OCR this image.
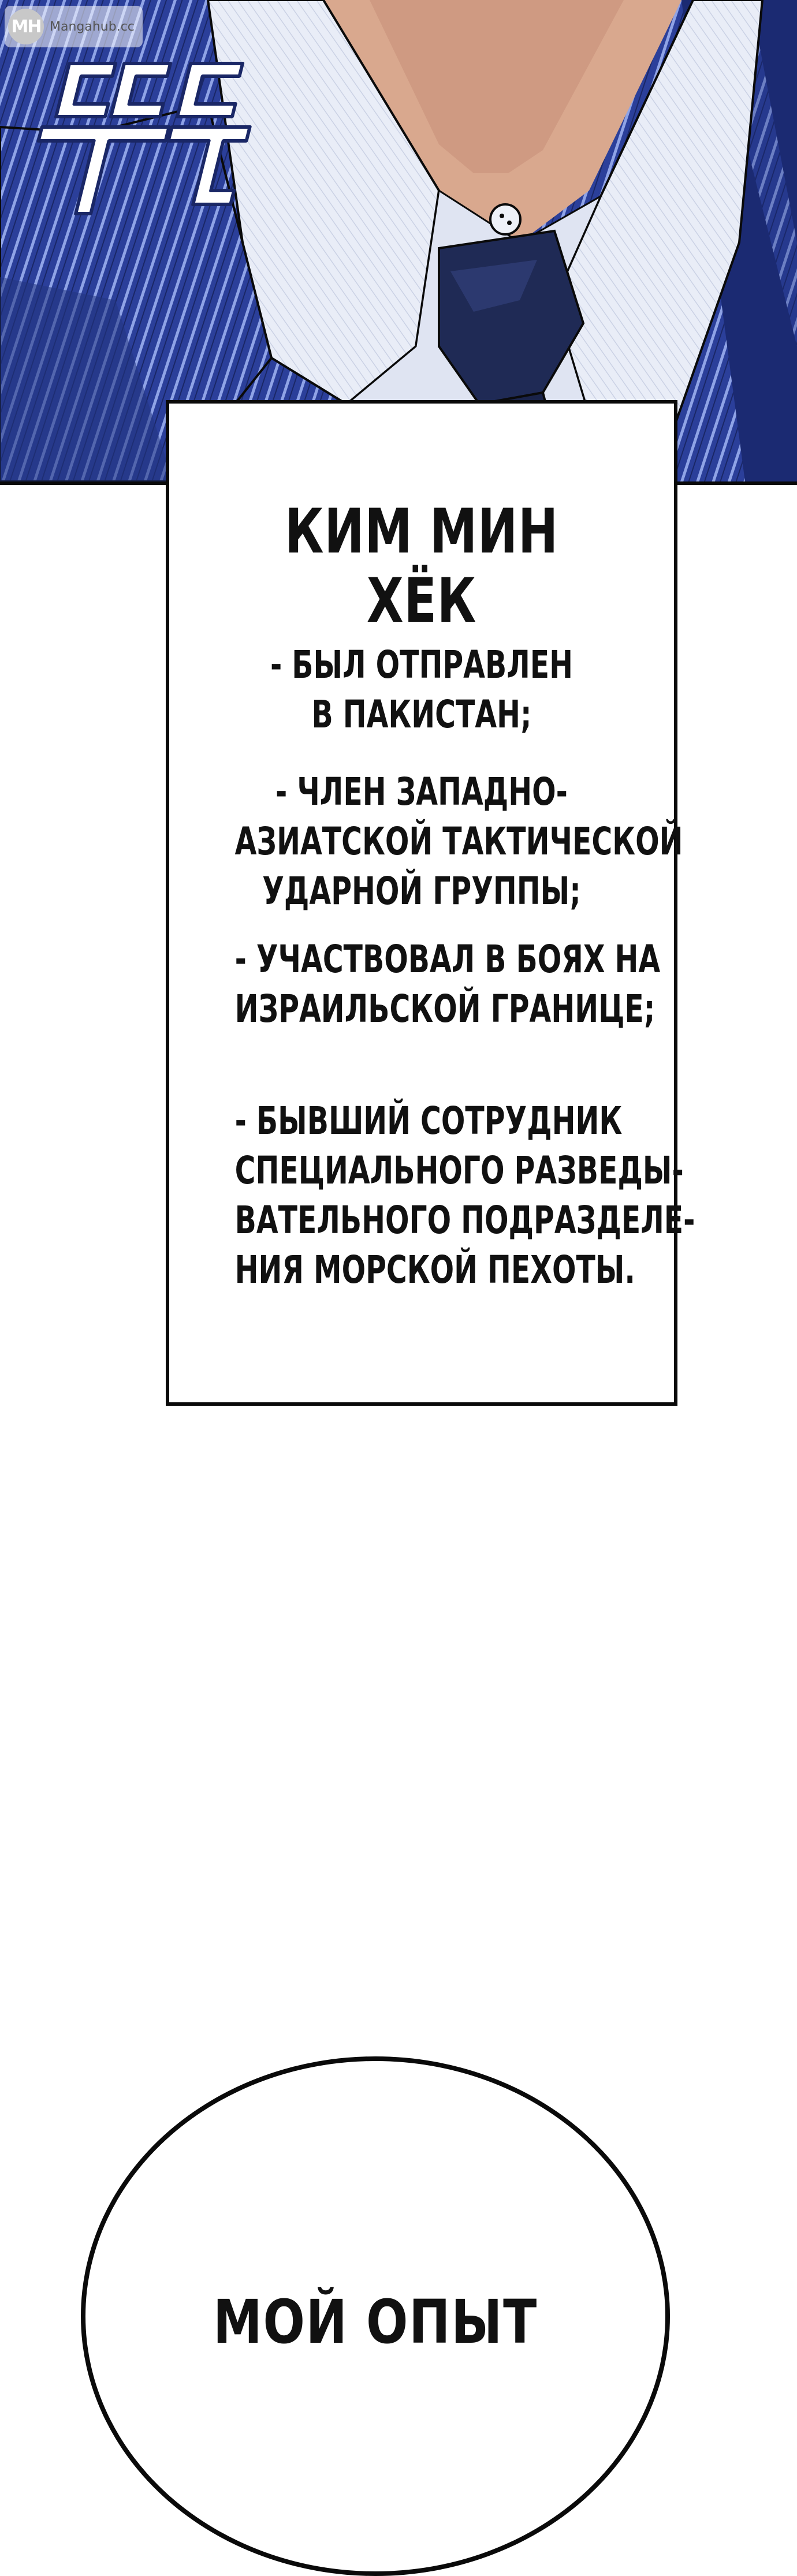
MH Mangahub.cc
КИМ МИН ХЁК
- БЫЛ ОТПРАВЛЕН
В ПАКИСТАН;
- ЧЛЕН ЗАПАДНО-
АЗИАТСКОЙ ТАКТИЧЕСКОЙ
УДАРНОЙ ГРУППЫ;
- УЧАСТВОВАЛ В БОЯХ НА
ИЗРАИЛЬСКОЙ ГРАНИЦЕ;
- БЫВШИЙ СОТРУДНИК
СПЕЦИАЛЬНОГО РАЗВЕДЫ-
ВАТЕЛЬНОГО ПОДРАЗДЕЛЕ-
НИЯ МОРСКОЙ ПЕХОТЫ.
МОЙ ОПЫТ
